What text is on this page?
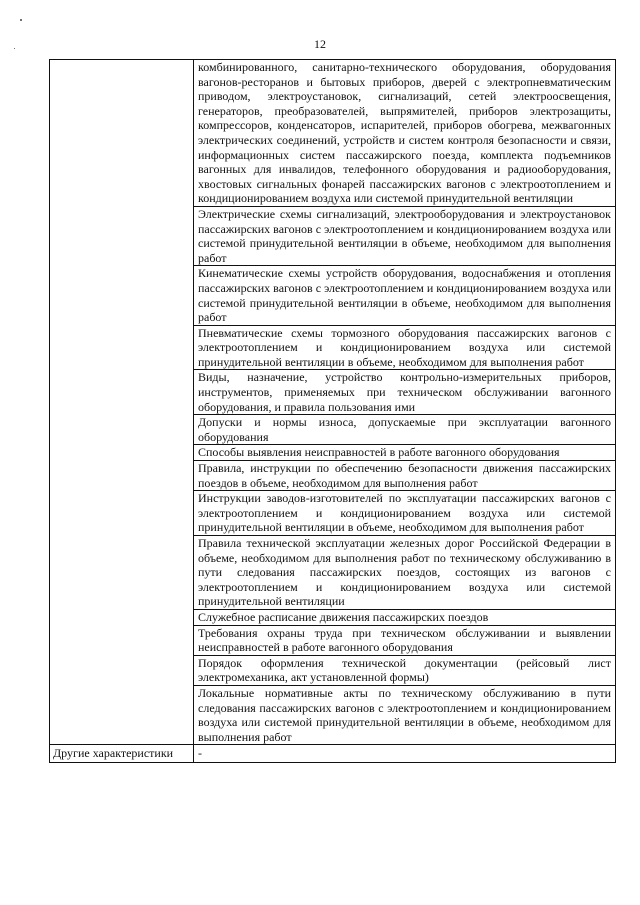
12
	комбинированного, санитарно-технического оборудования, оборудования вагонов-ресторанов и бытовых приборов, дверей с электропневматическим приводом, электроустановок, сигнализаций, сетей электроосвещения, генераторов, преобразователей, выпрямителей, приборов электрозащиты, компрессоров, конденсаторов, испарителей, приборов обогрева, межвагонных электрических соединений, устройств и систем контроля безопасности и связи, информационных систем пассажирского поезда, комплекта подъемников вагонных для инвалидов, телефонного оборудования и радиооборудования, хвостовых сигнальных фонарей пассажирских вагонов с электроотоплением и кондиционированием воздуха или системой принудительной вентиляции
	Электрические схемы сигнализаций, электрооборудования и электроустановок пассажирских вагонов с электроотоплением и кондиционированием воздуха или системой принудительной вентиляции в объеме, необходимом для выполнения работ
	Кинематические схемы устройств оборудования, водоснабжения и отопления пассажирских вагонов с электроотоплением и кондиционированием воздуха или системой принудительной вентиляции в объеме, необходимом для выполнения работ
	Пневматические схемы тормозного оборудования пассажирских вагонов с электроотоплением и кондиционированием воздуха или системой принудительной вентиляции в объеме, необходимом для выполнения работ
	Виды, назначение, устройство контрольно-измерительных приборов, инструментов, применяемых при техническом обслуживании вагонного оборудования, и правила пользования ими
	Допуски и нормы износа, допускаемые при эксплуатации вагонного оборудования
	Способы выявления неисправностей в работе вагонного оборудования
	Правила, инструкции по обеспечению безопасности движения пассажирских поездов в объеме, необходимом для выполнения работ
	Инструкции заводов-изготовителей по эксплуатации пассажирских вагонов с электроотоплением и кондиционированием воздуха или системой принудительной вентиляции в объеме, необходимом для выполнения работ
	Правила технической эксплуатации железных дорог Российской Федерации в объеме, необходимом для выполнения работ по техническому обслуживанию в пути следования пассажирских поездов, состоящих из вагонов с электроотоплением и кондиционированием воздуха или системой принудительной вентиляции
	Служебное расписание движения пассажирских поездов
	Требования охраны труда при техническом обслуживании и выявлении неисправностей в работе вагонного оборудования
	Порядок оформления технической документации (рейсовый лист электромеханика, акт установленной формы)
	Локальные нормативные акты по техническому обслуживанию в пути следования пассажирских вагонов с электроотоплением и кондиционированием воздуха или системой принудительной вентиляции в объеме, необходимом для выполнения работ
Другие характеристики	-
